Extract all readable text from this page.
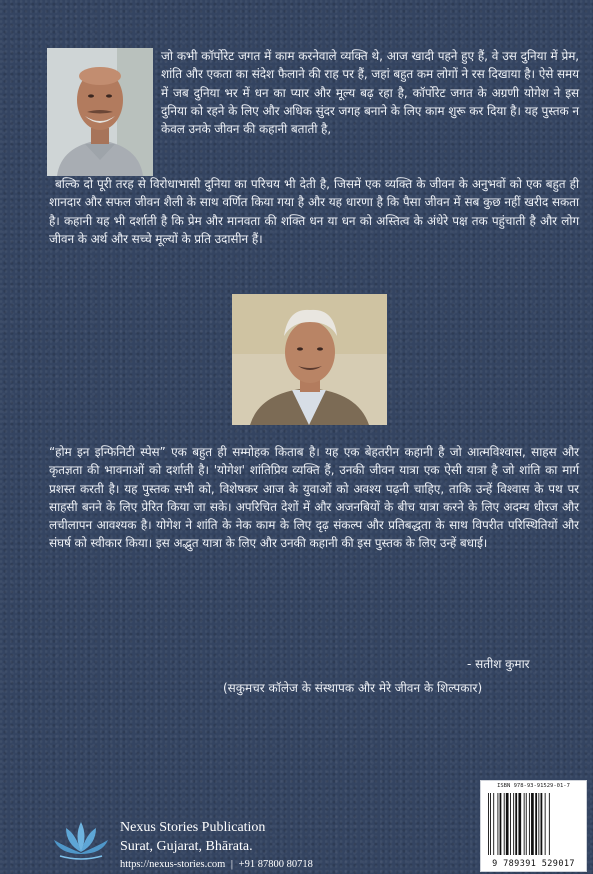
जो कभी कॉर्पोरेट जगत में काम करनेवाले व्यक्ति थे, आज खादी पहने हुए हैं, वे उस दुनिया में प्रेम, शांति और एकता का संदेश फैलाने की राह पर हैं, जहां बहुत कम लोगों ने रस दिखाया है। ऐसे समय में जब दुनिया भर में धन का प्यार और मूल्य बढ़ रहा है, कॉर्पोरेट जगत के अग्रणी योगेश ने इस दुनिया को रहने के लिए और अधिक सुंदर जगह बनाने के लिए काम शुरू कर दिया है। यह पुस्तक न केवल उनके जीवन की कहानी बताती है,

बल्कि दो पूरी तरह से विरोधाभासी दुनिया का परिचय भी देती है, जिसमें एक व्यक्ति के जीवन के अनुभवों को एक बहुत ही शानदार और सफल जीवन शैली के साथ वर्णित किया गया है और यह धारणा है कि पैसा जीवन में सब कुछ नहीं खरीद सकता है। कहानी यह भी दर्शाती है कि प्रेम और मानवता की शक्ति धन या धन को अस्तित्व के अंधेरे पक्ष तक पहुंचाती है और लोग जीवन के अर्थ और सच्चे मूल्यों के प्रति उदासीन हैं।

“होम इन इन्फिनिटी स्पेस” एक बहुत ही सम्मोहक किताब है। यह एक बेहतरीन कहानी है जो आत्मविश्वास, साहस और कृतज्ञता की भावनाओं को दर्शाती है। 'योगेश' शांतिप्रिय व्यक्ति हैं, उनकी जीवन यात्रा एक ऐसी यात्रा है जो शांति का मार्ग प्रशस्त करती है। यह पुस्तक सभी को, विशेषकर आज के युवाओं को अवश्य पढ़नी चाहिए, ताकि उन्हें विश्वास के पथ पर साहसी बनने के लिए प्रेरित किया जा सके। अपरिचित देशों में और अजनबियों के बीच यात्रा करने के लिए अदम्य धीरज और लचीलापन आवश्यक है। योगेश ने शांति के नेक काम के लिए दृढ़ संकल्प और प्रतिबद्धता के साथ विपरीत परिस्थितियों और संघर्ष को स्वीकार किया। इस अद्भुत यात्रा के लिए और उनकी कहानी की इस पुस्तक के लिए उन्हें बधाई।

- सतीश कुमार
(सकुमचर कॉलेज के संस्थापक और मेरे जीवन के शिल्पकार)
Nexus Stories Publication
Surat, Gujarat, Bhārata.
https://nexus-stories.com | +91 87800 80718
ISBN 978-93-91529-01-7
9 789391 529017
